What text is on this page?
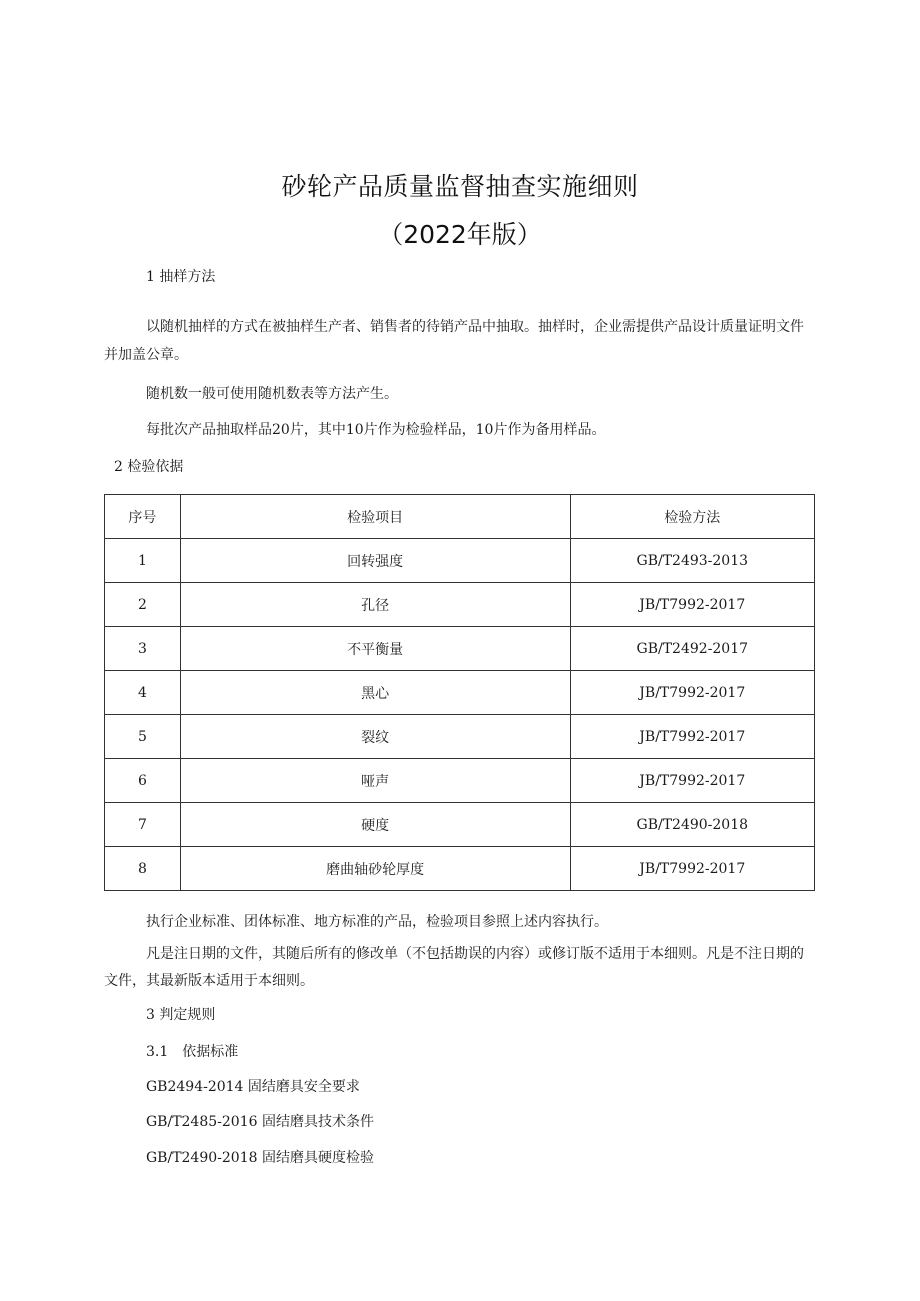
砂轮产品质量监督抽查实施细则
（2022年版）
1 抽样方法
以随机抽样的方式在被抽样生产者、销售者的待销产品中抽取。抽样时，企业需提供产品设计质量证明文件并加盖公章。
随机数一般可使用随机数表等方法产生。
每批次产品抽取样品20片，其中10片作为检验样品，10片作为备用样品。
2 检验依据
序号	检验项目	检验方法
1	回转强度	GB/T2493-2013
2	孔径	JB/T7992-2017
3	不平衡量	GB/T2492-2017
4	黑心	JB/T7992-2017
5	裂纹	JB/T7992-2017
6	哑声	JB/T7992-2017
7	硬度	GB/T2490-2018
8	磨曲轴砂轮厚度	JB/T7992-2017
执行企业标准、团体标准、地方标准的产品，检验项目参照上述内容执行。
凡是注日期的文件，其随后所有的修改单（不包括勘误的内容）或修订版不适用于本细则。凡是不注日期的文件，其最新版本适用于本细则。
3 判定规则
3.1　依据标准
GB2494-2014 固结磨具安全要求
GB/T2485-2016 固结磨具技术条件
GB/T2490-2018 固结磨具硬度检验
